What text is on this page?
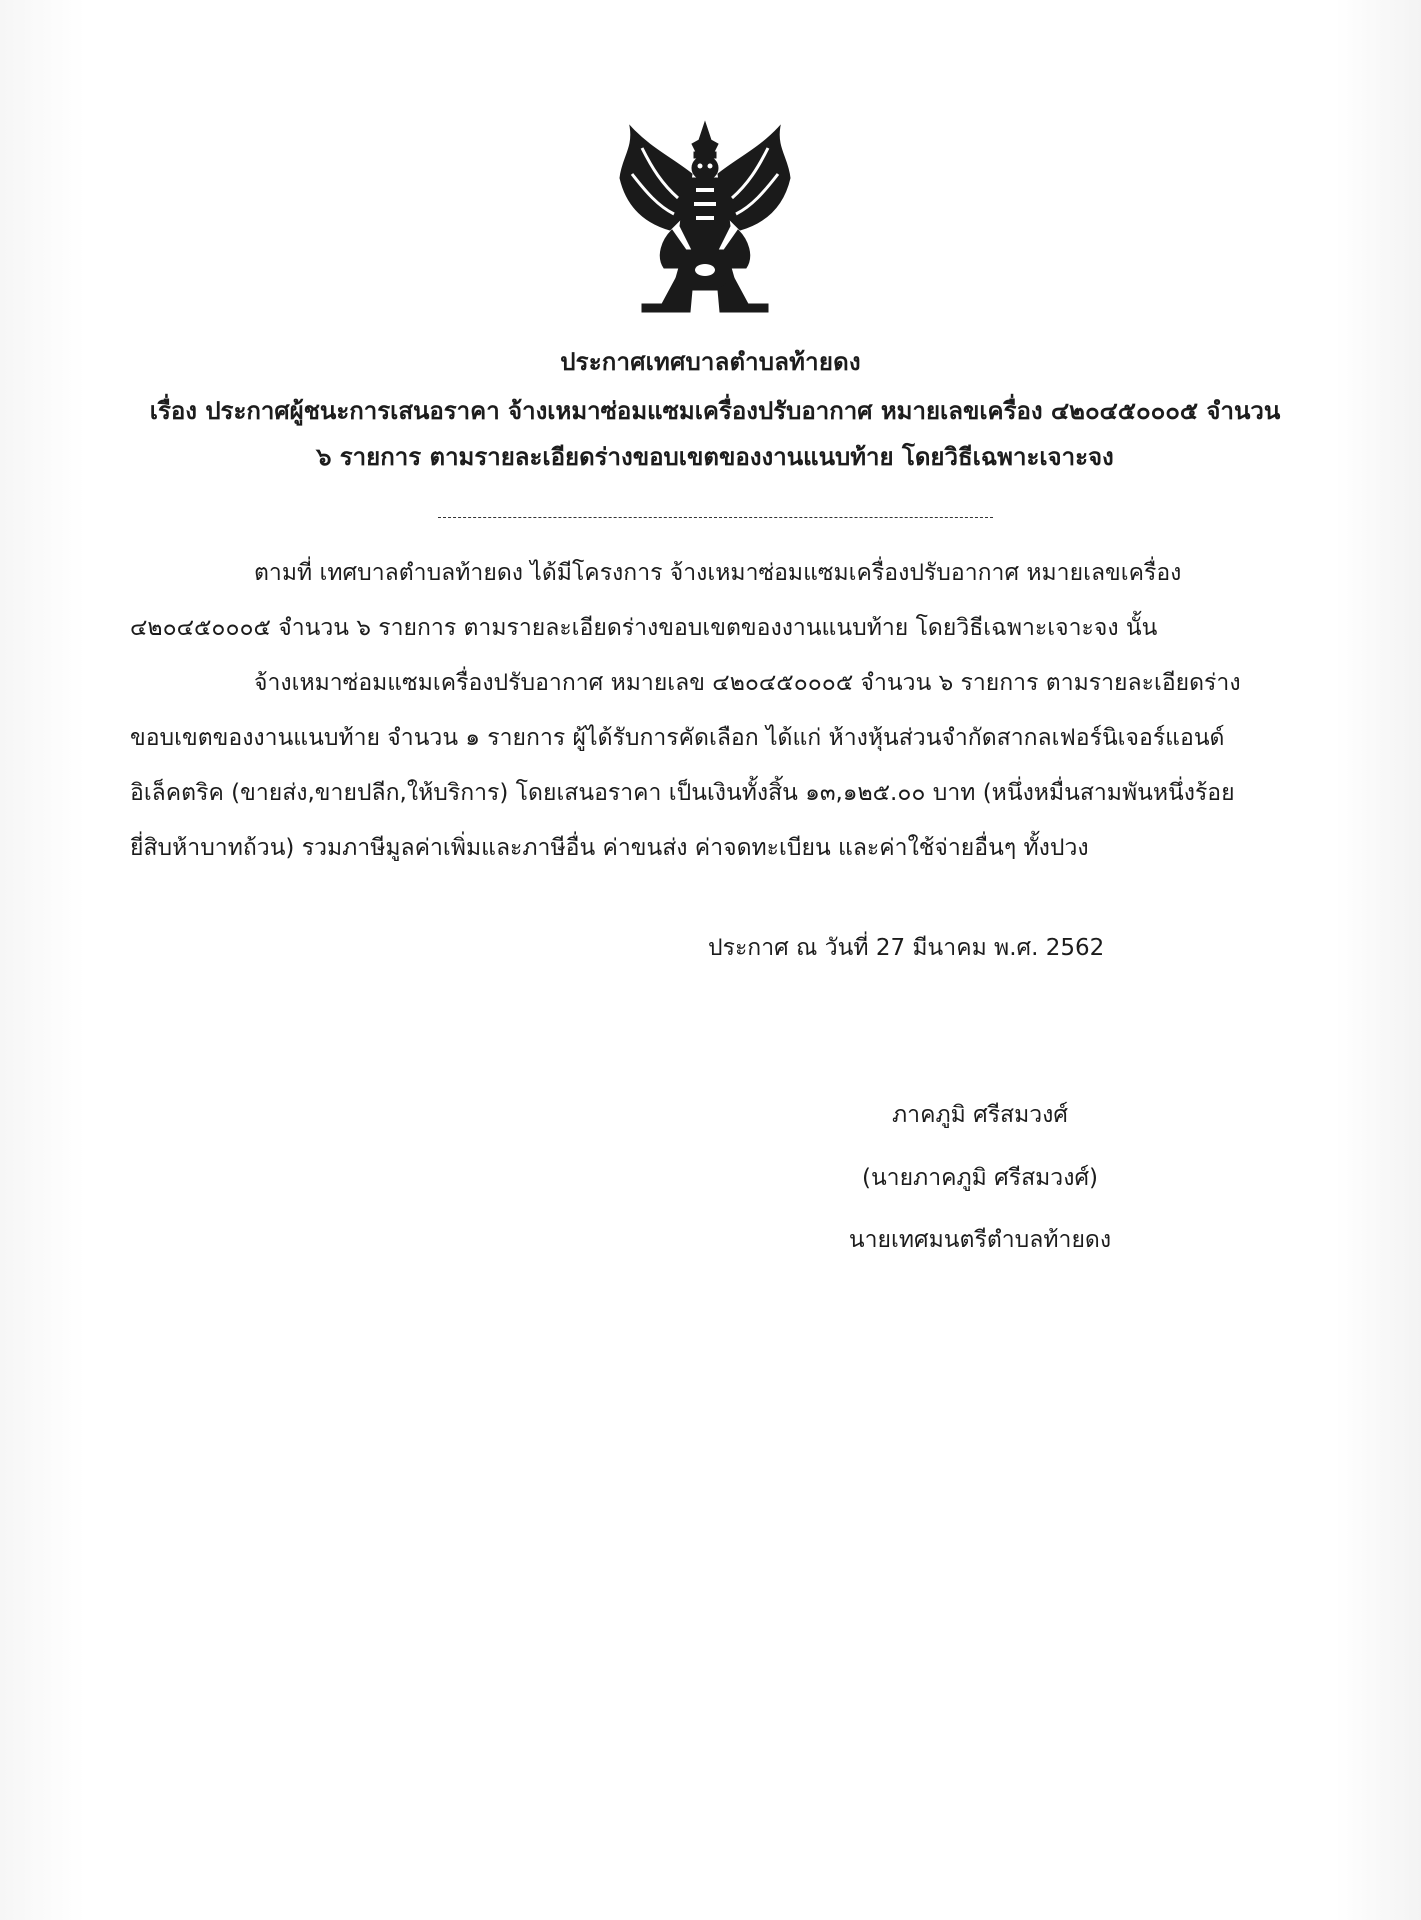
ประกาศเทศบาลตำบลท้ายดง
เรื่อง ประกาศผู้ชนะการเสนอราคา จ้างเหมาซ่อมแซมเครื่องปรับอากาศ หมายเลขเครื่อง ๔๒๐๔๕๐๐๐๕ จำนวน
๖ รายการ ตามรายละเอียดร่างขอบเขตของงานแนบท้าย โดยวิธีเฉพาะเจาะจง
ตามที่ เทศบาลตำบลท้ายดง ได้มีโครงการ จ้างเหมาซ่อมแซมเครื่องปรับอากาศ หมายเลขเครื่อง ๔๒๐๔๕๐๐๐๕ จำนวน ๖ รายการ ตามรายละเอียดร่างขอบเขตของงานแนบท้าย โดยวิธีเฉพาะเจาะจง นั้น
จ้างเหมาซ่อมแซมเครื่องปรับอากาศ หมายเลข ๔๒๐๔๕๐๐๐๕ จำนวน ๖ รายการ ตามรายละเอียดร่างขอบเขตของงานแนบท้าย จำนวน ๑ รายการ ผู้ได้รับการคัดเลือก ได้แก่ ห้างหุ้นส่วนจำกัดสากลเฟอร์นิเจอร์แอนด์อิเล็คตริค (ขายส่ง,ขายปลีก,ให้บริการ) โดยเสนอราคา เป็นเงินทั้งสิ้น ๑๓,๑๒๕.๐๐ บาท (หนึ่งหมื่นสามพันหนึ่งร้อยยี่สิบห้าบาทถ้วน) รวมภาษีมูลค่าเพิ่มและภาษีอื่น ค่าขนส่ง ค่าจดทะเบียน และค่าใช้จ่ายอื่นๆ ทั้งปวง
ประกาศ ณ วันที่ 27 มีนาคม พ.ศ. 2562
ภาคภูมิ ศรีสมวงศ์
(นายภาคภูมิ ศรีสมวงศ์)
นายเทศมนตรีตำบลท้ายดง
